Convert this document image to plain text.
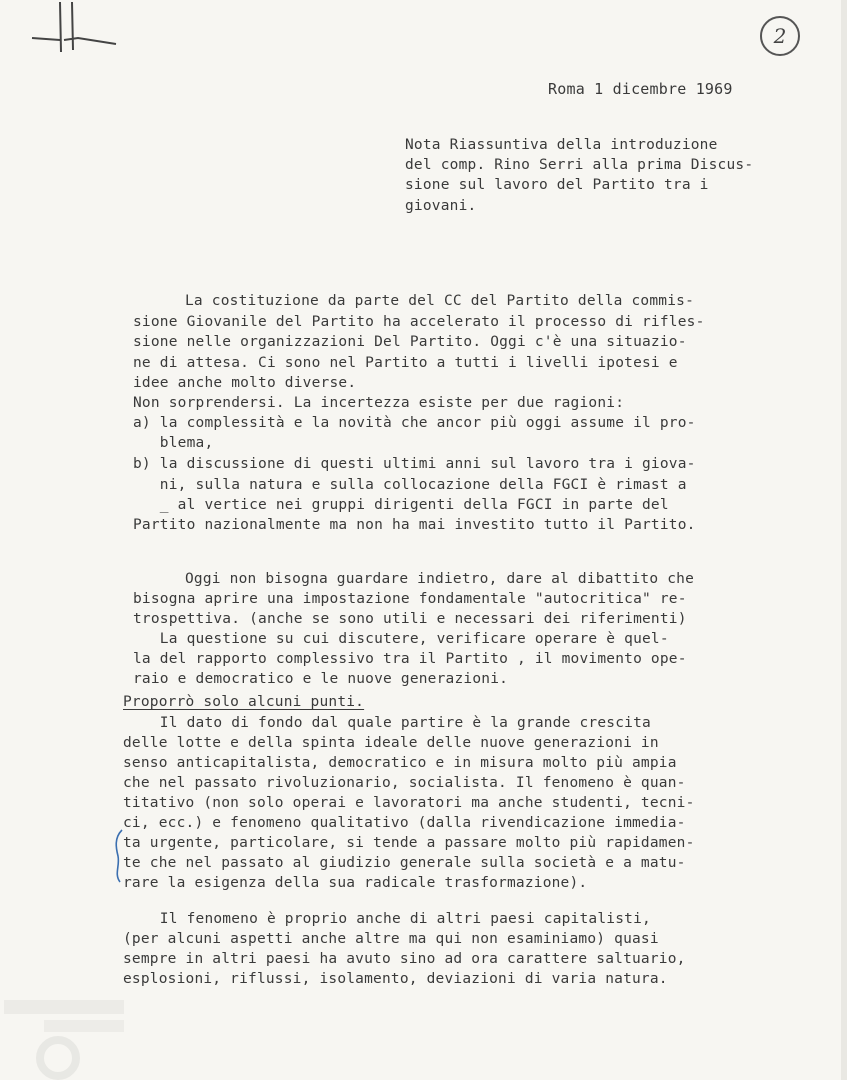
2
Roma 1 dicembre 1969
Nota Riassuntiva della introduzione
del comp. Rino Serri alla prima Discus-
sione sul lavoro del Partito tra i
giovani.
La costituzione da parte del CC del Partito della commis-
sione Giovanile del Partito ha accelerato il processo di rifles-
sione nelle organizzazioni Del Partito. Oggi c'è una situazio-
ne di attesa. Ci sono nel Partito a tutti i livelli ipotesi e
idee anche molto diverse.
Non sorprendersi. La incertezza esiste per due ragioni:
a) la complessità e la novità che ancor più oggi assume il pro-
blema,
b) la discussione di questi ultimi anni sul lavoro tra i giova-
ni, sulla natura e sulla collocazione della FGCI è rimast a
_ al vertice nei gruppi dirigenti della FGCI in parte del
Partito nazionalmente ma non ha mai investito tutto il Partito.
Oggi non bisogna guardare indietro, dare al dibattito che
bisogna aprire una impostazione fondamentale "autocritica" re-
trospettiva. (anche se sono utili e necessari dei riferimenti)
La questione su cui discutere, verificare operare è quel-
la del rapporto complessivo tra il Partito , il movimento ope-
raio e democratico e le nuove generazioni.
Proporrò solo alcuni punti.
Il dato di fondo dal quale partire è la grande crescita
delle lotte e della spinta ideale delle nuove generazioni in
senso anticapitalista, democratico e in misura molto più ampia
che nel passato rivoluzionario, socialista. Il fenomeno è quan-
titativo (non solo operai e lavoratori ma anche studenti, tecni-
ci, ecc.) e fenomeno qualitativo (dalla rivendicazione immedia-
ta urgente, particolare, si tende a passare molto più rapidamen-
te che nel passato al giudizio generale sulla società e a matu-
rare la esigenza della sua radicale trasformazione).
Il fenomeno è proprio anche di altri paesi capitalisti,
(per alcuni aspetti anche altre ma qui non esaminiamo) quasi
sempre in altri paesi ha avuto sino ad ora carattere saltuario,
esplosioni, riflussi, isolamento, deviazioni di varia natura.
